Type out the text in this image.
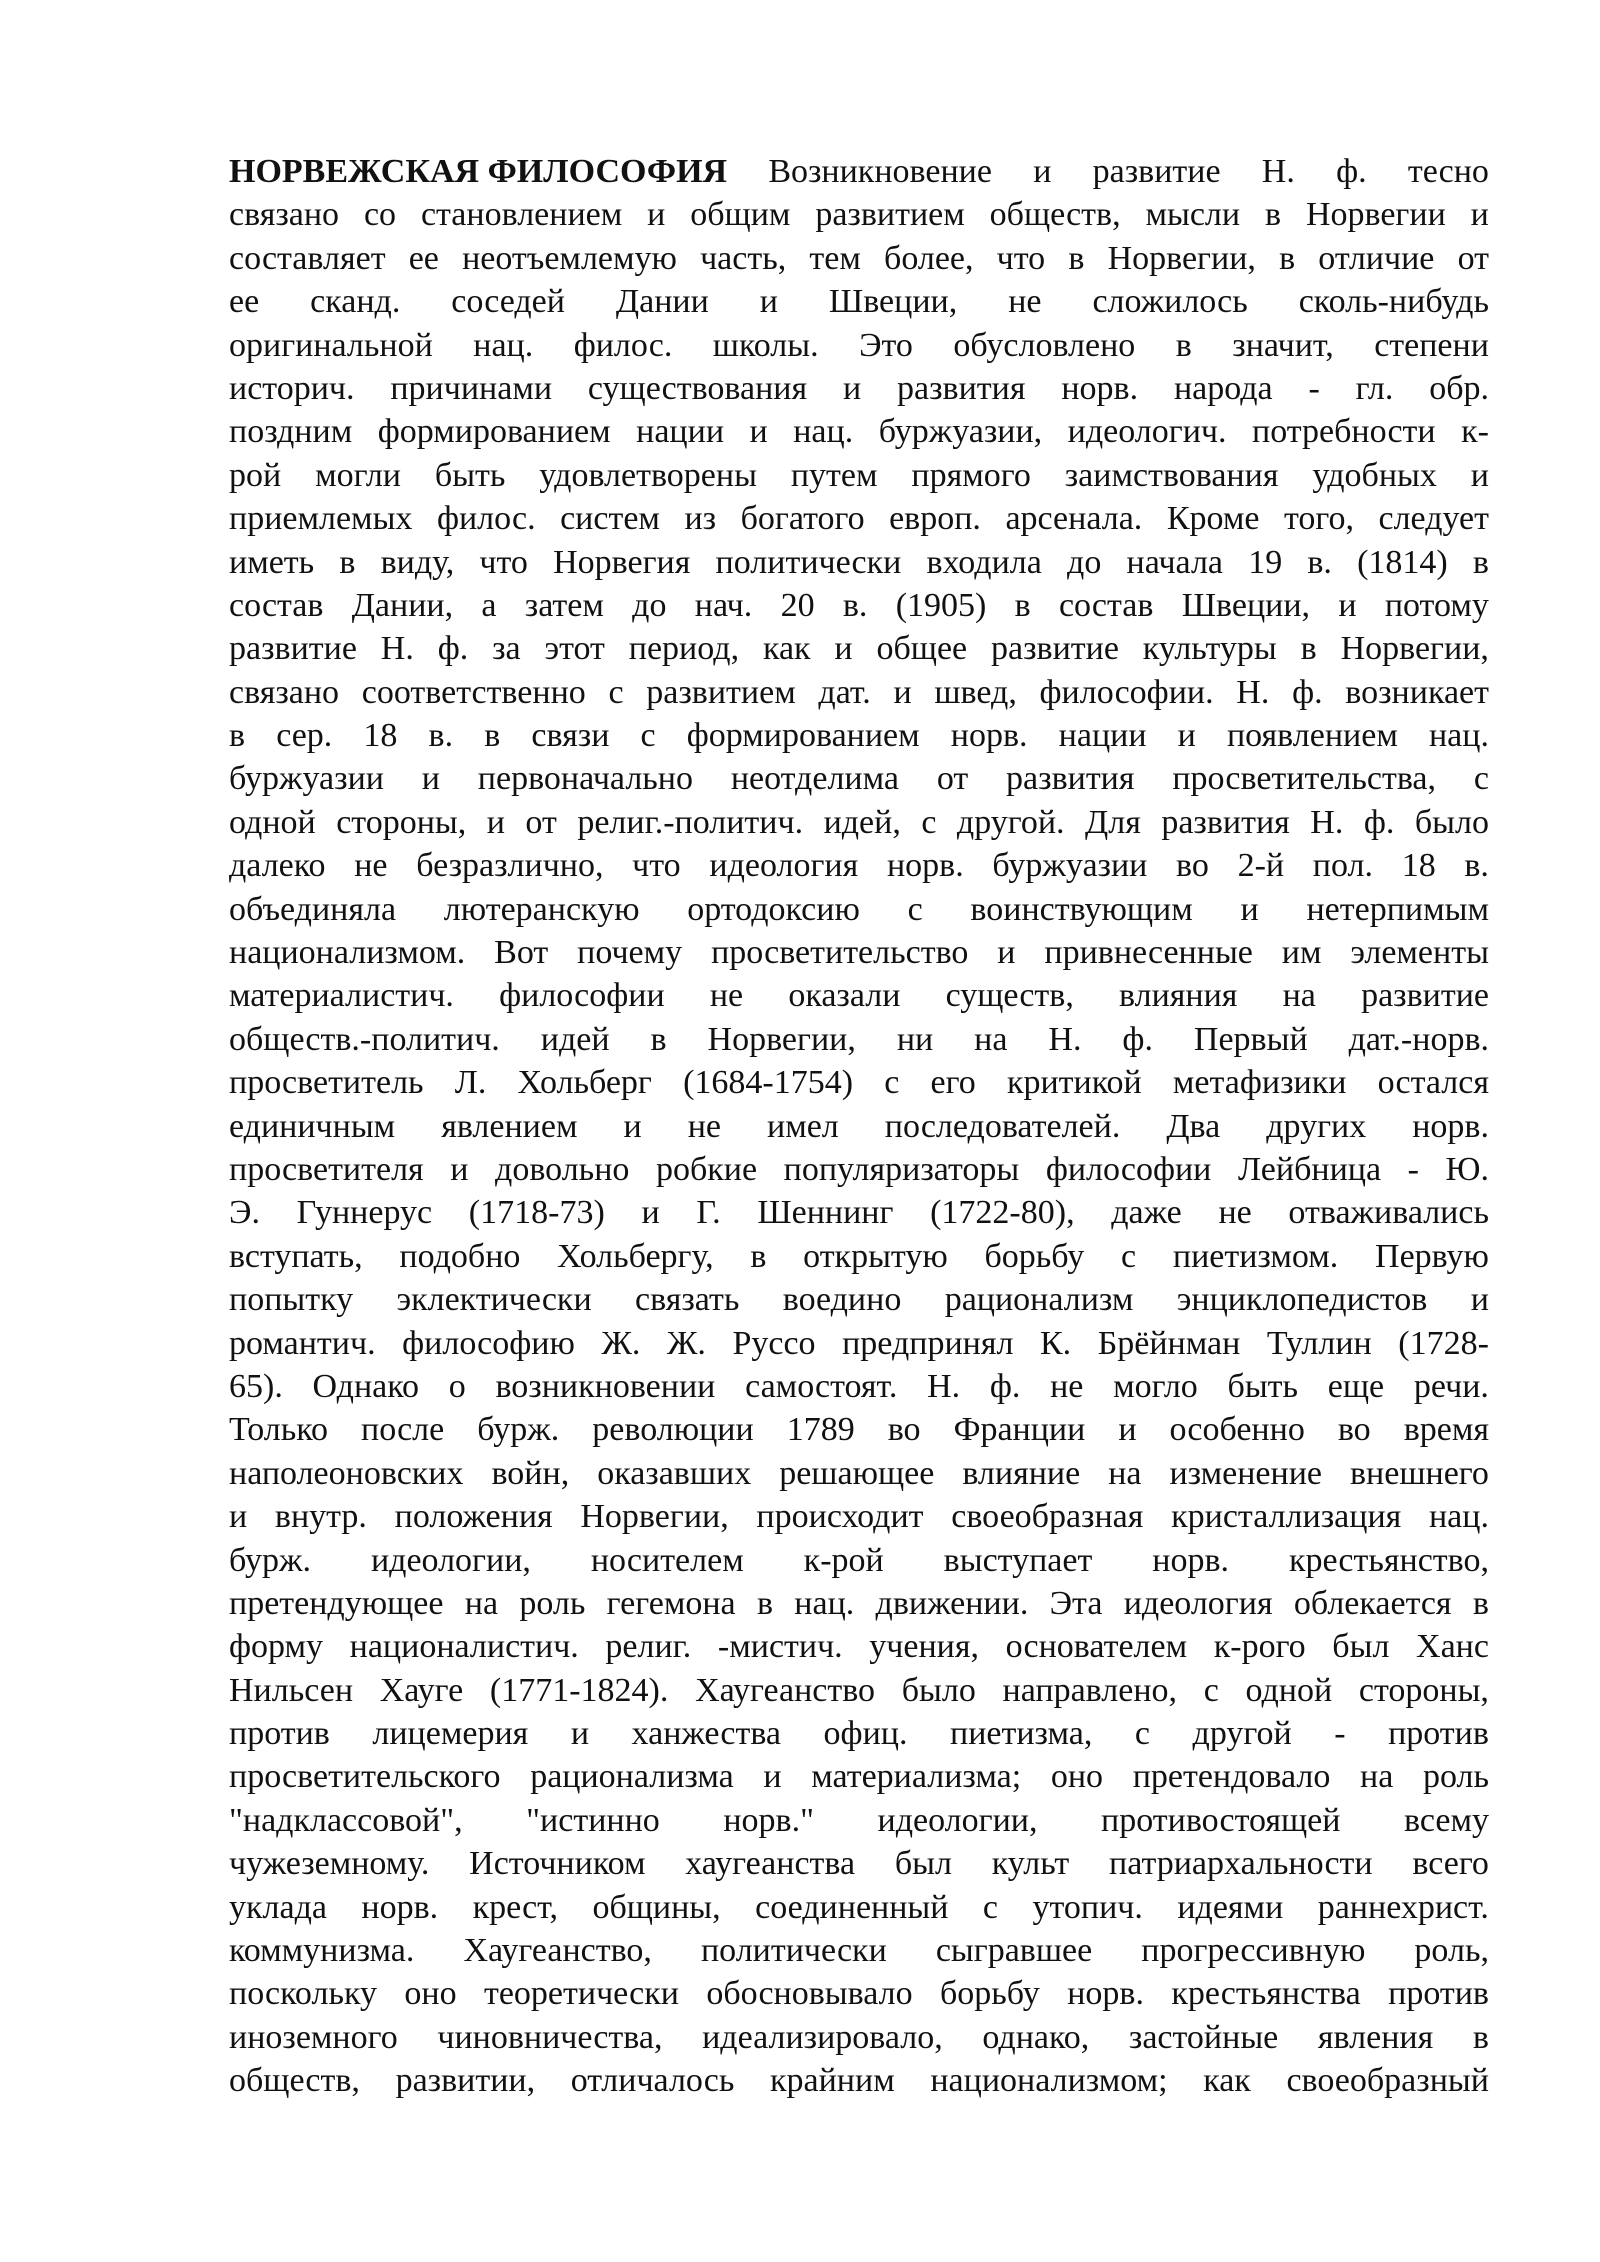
НОРВЕЖСКАЯ ФИЛОСОФИЯ Возникновение и развитие Н. ф. тесно
связано со становлением и общим развитием обществ, мысли в Норвегии и
составляет ее неотъемлемую часть, тем более, что в Норвегии, в отличие от
ее сканд. соседей Дании и Швеции, не сложилось сколь-нибудь
оригинальной нац. филос. школы. Это обусловлено в значит, степени
историч. причинами существования и развития норв. народа - гл. обр.
поздним формированием нации и нац. буржуазии, идеологич. потребности к-
рой могли быть удовлетворены путем прямого заимствования удобных и
приемлемых филос. систем из богатого европ. арсенала. Кроме того, следует
иметь в виду, что Норвегия политически входила до начала 19 в. (1814) в
состав Дании, а затем до нач. 20 в. (1905) в состав Швеции, и потому
развитие Н. ф. за этот период, как и общее развитие культуры в Норвегии,
связано соответственно с развитием дат. и швед, философии. Н. ф. возникает
в сер. 18 в. в связи с формированием норв. нации и появлением нац.
буржуазии и первоначально неотделима от развития просветительства, с
одной стороны, и от религ.-политич. идей, с другой. Для развития Н. ф. было
далеко не безразлично, что идеология норв. буржуазии во 2-й пол. 18 в.
объединяла лютеранскую ортодоксию с воинствующим и нетерпимым
национализмом. Вот почему просветительство и привнесенные им элементы
материалистич. философии не оказали существ, влияния на развитие
обществ.-политич. идей в Норвегии, ни на Н. ф. Первый дат.-норв.
просветитель Л. Хольберг (1684-1754) с его критикой метафизики остался
единичным явлением и не имел последователей. Два других норв.
просветителя и довольно робкие популяризаторы философии Лейбница - Ю.
Э. Гуннерус (1718-73) и Г. Шеннинг (1722-80), даже не отваживались
вступать, подобно Хольбергу, в открытую борьбу с пиетизмом. Первую
попытку эклектически связать воедино рационализм энциклопедистов и
романтич. философию Ж. Ж. Руссо предпринял К. Брёйнман Туллин (1728-
65). Однако о возникновении самостоят. Н. ф. не могло быть еще речи.
Только после бурж. революции 1789 во Франции и особенно во время
наполеоновских войн, оказавших решающее влияние на изменение внешнего
и внутр. положения Норвегии, происходит своеобразная кристаллизация нац.
бурж. идеологии, носителем к-рой выступает норв. крестьянство,
претендующее на роль гегемона в нац. движении. Эта идеология облекается в
форму националистич. религ. -мистич. учения, основателем к-рого был Ханс
Нильсен Хауге (1771-1824). Хаугеанство было направлено, с одной стороны,
против лицемерия и ханжества офиц. пиетизма, с другой - против
просветительского рационализма и материализма; оно претендовало на роль
"надклассовой", "истинно норв." идеологии, противостоящей всему
чужеземному. Источником хаугеанства был культ патриархальности всего
уклада норв. крест, общины, соединенный с утопич. идеями раннехрист.
коммунизма. Хаугеанство, политически сыгравшее прогрессивную роль,
поскольку оно теоретически обосновывало борьбу норв. крестьянства против
иноземного чиновничества, идеализировало, однако, застойные явления в
обществ, развитии, отличалось крайним национализмом; как своеобразный
